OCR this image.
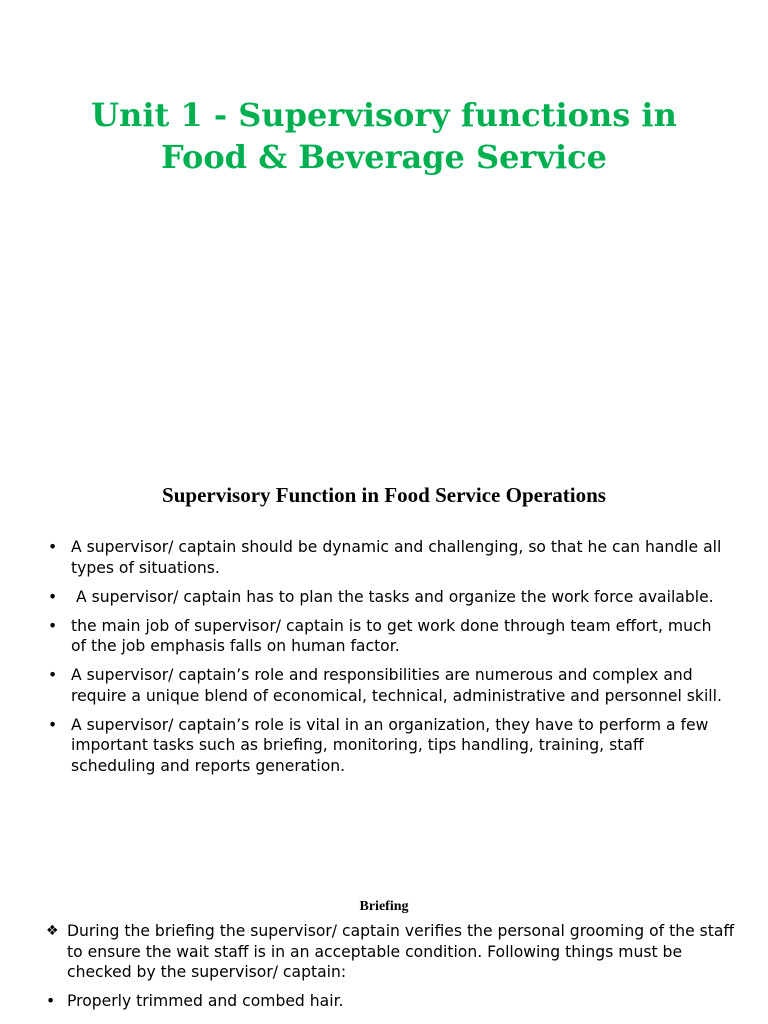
Unit 1 - Supervisory functions in
Food & Beverage Service
Supervisory Function in Food Service Operations
• A supervisor/ captain should be dynamic and challenging, so that he can handle all types of situations.
• A supervisor/ captain has to plan the tasks and organize the work force available.
• the main job of supervisor/ captain is to get work done through team effort, much of the job emphasis falls on human factor.
• A supervisor/ captain’s role and responsibilities are numerous and complex and require a unique blend of economical, technical, administrative and personnel skill.
• A supervisor/ captain’s role is vital in an organization, they have to perform a few important tasks such as briefing, monitoring, tips handling, training, staff scheduling and reports generation.
Briefing
❖ During the briefing the supervisor/ captain verifies the personal grooming of the staff to ensure the wait staff is in an acceptable condition. Following things must be checked by the supervisor/ captain:
• Properly trimmed and combed hair.
